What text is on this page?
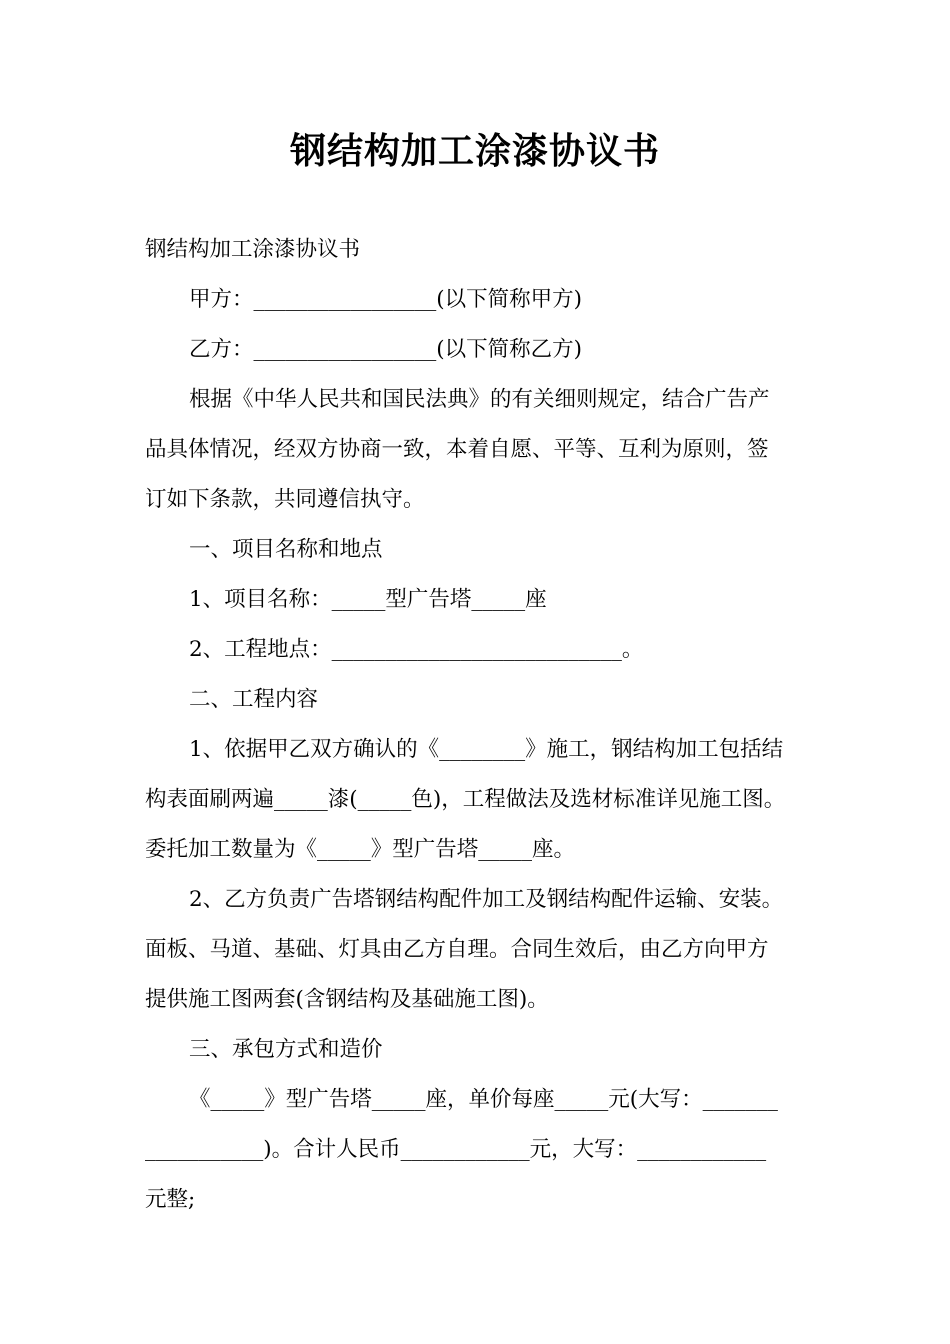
钢结构加工涂漆协议书

钢结构加工涂漆协议书

甲方：_________________(以下简称甲方)

乙方：_________________(以下简称乙方)

根据《中华人民共和国民法典》的有关细则规定，结合广告产

品具体情况，经双方协商一致，本着自愿、平等、互利为原则，签

订如下条款，共同遵信执守。

一、项目名称和地点

1、项目名称：_____型广告塔_____座

2、工程地点：___________________________。

二、工程内容

1、依据甲乙双方确认的《________》施工，钢结构加工包括结

构表面刷两遍_____漆(_____色)，工程做法及选材标准详见施工图。

委托加工数量为《_____》型广告塔_____座。

2、乙方负责广告塔钢结构配件加工及钢结构配件运输、安装。

面板、马道、基础、灯具由乙方自理。合同生效后，由乙方向甲方

提供施工图两套(含钢结构及基础施工图)。

三、承包方式和造价

《_____》型广告塔_____座，单价每座_____元(大写：_______

___________)。合计人民币____________元，大写：____________

元整;
